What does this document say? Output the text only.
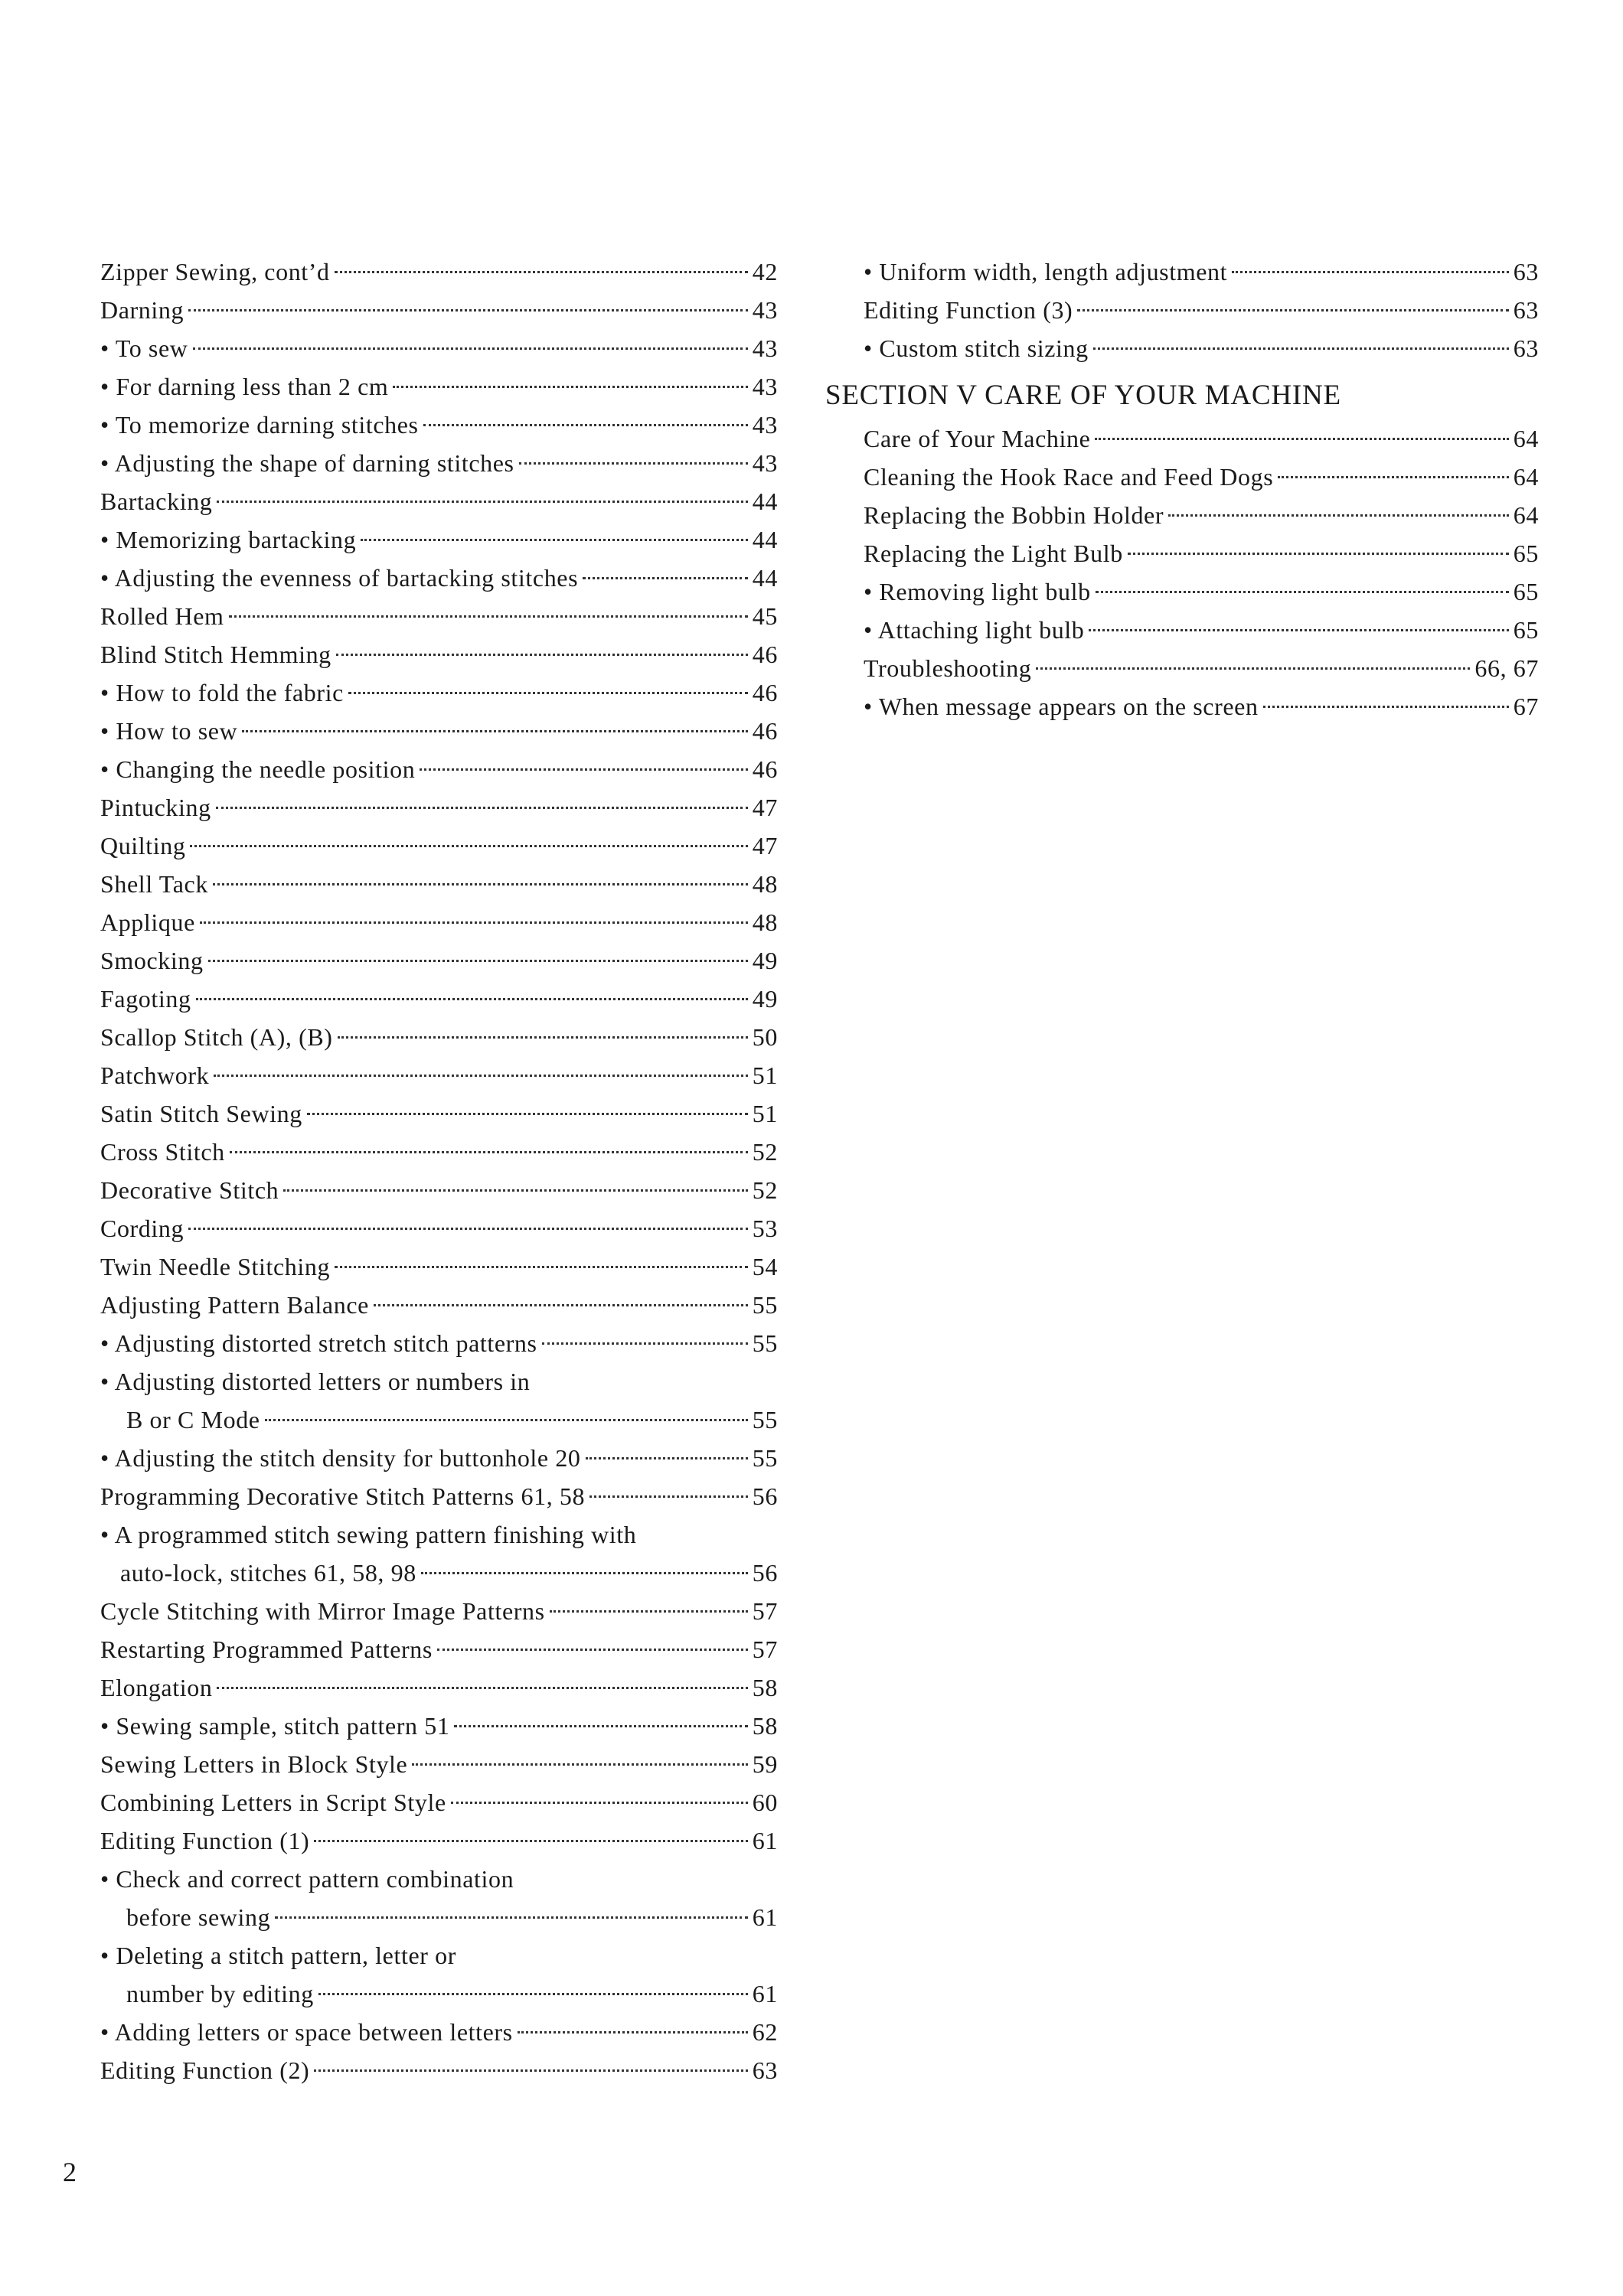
Zipper Sewing, cont’d	42
Darning	43
• To sew	43
• For darning less than 2 cm	43
• To memorize darning stitches	43
• Adjusting the shape of darning stitches	43
Bartacking	44
• Memorizing bartacking	44
• Adjusting the evenness of bartacking stitches	44
Rolled Hem	45
Blind Stitch Hemming	46
• How to fold the fabric	46
• How to sew	46
• Changing the needle position	46
Pintucking	47
Quilting	47
Shell Tack	48
Applique	48
Smocking	49
Fagoting	49
Scallop Stitch (A), (B)	50
Patchwork	51
Satin Stitch Sewing	51
Cross Stitch	52
Decorative Stitch	52
Cording	53
Twin Needle Stitching	54
Adjusting Pattern Balance	55
• Adjusting distorted stretch stitch patterns	55
• Adjusting distorted letters or numbers in
B or C Mode	55
• Adjusting the stitch density for buttonhole 20	55
Programming Decorative Stitch Patterns 61, 58	56
• A programmed stitch sewing pattern finishing with
auto-lock, stitches 61, 58, 98	56
Cycle Stitching with Mirror Image Patterns	57
Restarting Programmed Patterns	57
Elongation	58
• Sewing sample, stitch pattern 51	58
Sewing Letters in Block Style	59
Combining Letters in Script Style	60
Editing Function (1)	61
• Check and correct pattern combination
before sewing	61
• Deleting a stitch pattern, letter or
number by editing	61
• Adding letters or space between letters	62
Editing Function (2)	63
• Uniform width, length adjustment	63
Editing Function (3)	63
• Custom stitch sizing	63
SECTION V CARE OF YOUR MACHINE
Care of Your Machine	64
Cleaning the Hook Race and Feed Dogs	64
Replacing the Bobbin Holder	64
Replacing the Light Bulb	65
• Removing light bulb	65
• Attaching light bulb	65
Troubleshooting	66, 67
• When message appears on the screen	67
2
